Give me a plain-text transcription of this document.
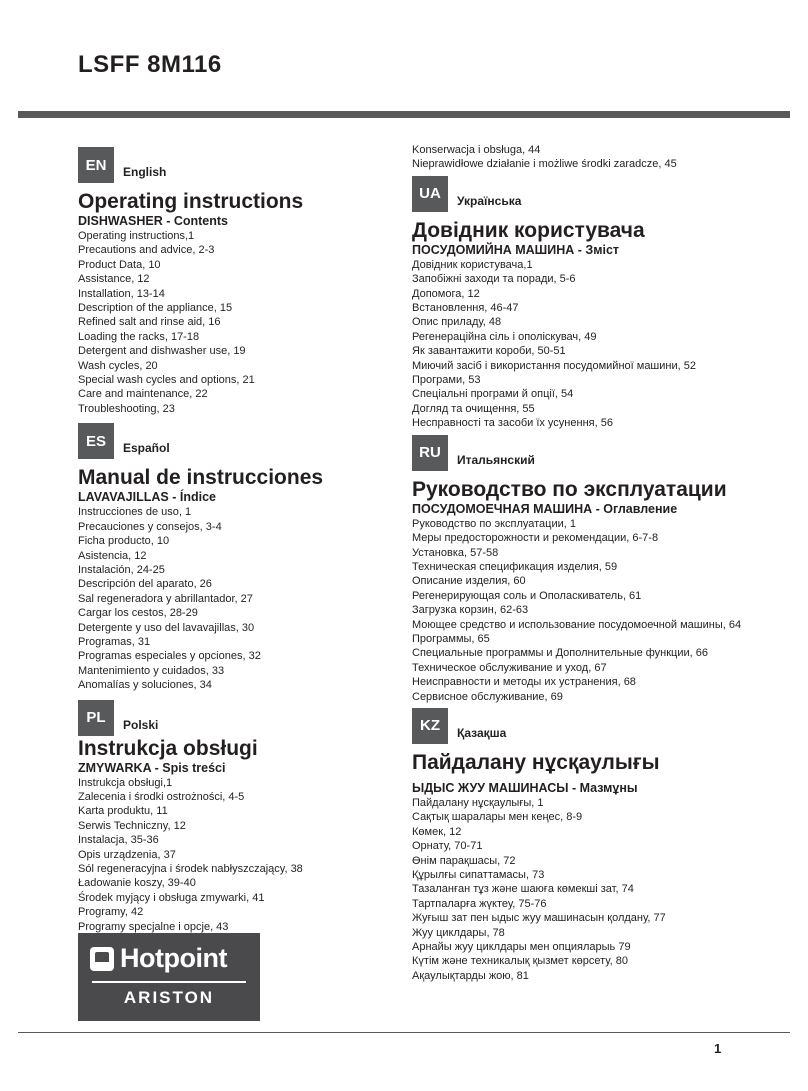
LSFF 8M116
EN	English
Operating instructions
DISHWASHER - Contents
Operating instructions,1
Precautions and advice, 2-3
Product Data, 10
Assistance, 12
Installation, 13-14
Description of the appliance, 15
Refined salt and rinse aid, 16
Loading the racks, 17-18
Detergent and dishwasher use, 19
Wash cycles, 20
Special wash cycles and options, 21
Care and maintenance, 22
Troubleshooting, 23
ES	Español
Manual de instrucciones
LAVAVAJILLAS - Índice
Instrucciones de uso, 1
Precauciones y consejos, 3-4
Ficha producto, 10
Asistencia, 12
Instalación, 24-25
Descripción del aparato, 26
Sal regeneradora y abrillantador, 27
Cargar los cestos, 28-29
Detergente y uso del lavavajillas, 30
Programas, 31
Programas especiales y opciones, 32
Mantenimiento y cuidados, 33
Anomalías y soluciones, 34
PL	Polski
Instrukcja obsługi
ZMYWARKA - Spis treści
Instrukcja obsługi,1
Zalecenia i środki ostrożności, 4-5
Karta produktu, 11
Serwis Techniczny, 12
Instalacja, 35-36
Opis urządzenia, 37
Sól regeneracyjna i środek nabłyszczający, 38
Ładowanie koszy, 39-40
Środek myjący i obsługa zmywarki, 41
Programy, 42
Programy specjalne i opcje, 43
Konserwacja i obsługa, 44
Nieprawidłowe działanie i możliwe środki zaradcze, 45
UA	Українська
Довідник користувача
ПОСУДОМИЙНА МАШИНА - Зміст
Довідник користувача,1
Запобіжні заходи та поради, 5-6
Допомога, 12
Встановлення, 46-47
Опис приладу, 48
Регенераційна сіль і ополіскувач, 49
Як завантажити короби, 50-51
Миючий засіб і використання посудомийної машини, 52
Програми, 53
Спеціальні програми й опції, 54
Догляд та очищення, 55
Несправності та засоби їх усунення, 56
RU	Итальянский
Руководство по эксплуатации
ПОСУДОМОЕЧНАЯ МАШИНА - Оглавление
Руководство по эксплуатации, 1
Меры предосторожности и рекомендации, 6-7-8
Установка, 57-58
Техническая спецификация изделия, 59
Описание изделия, 60
Регенерирующая соль и Ополаскиватель, 61
Загрузка корзин, 62-63
Моющее средство и использование посудомоечной машины, 64
Программы, 65
Специальные программы и Дополнительные функции, 66
Техническое обслуживание и уход, 67
Неисправности и методы их устранения, 68
Сервисное обслуживание, 69
KZ	Қазақша
Пайдалану нұсқаулығы
ЫДЫС ЖУУ МАШИНАСЫ - Мазмұны
Пайдалану нұсқаулығы, 1
Сақтық шаралары мен кеңес, 8-9
Көмек, 12
Орнату, 70-71
Өнім парақшасы, 72
Құрылғы сипаттамасы, 73
Тазаланған тұз және шаюға көмекші зат, 74
Тартпаларға жүктеу, 75-76
Жуғыш зат пен ыдыс жуу машинасын қолдану, 77
Жуу циклдары, 78
Арнайы жуу циклдары мен опцияларыь 79
Күтім және техникалық қызмет көрсету, 80
Ақаулықтарды жою, 81
Hotpoint
ARISTON
1
